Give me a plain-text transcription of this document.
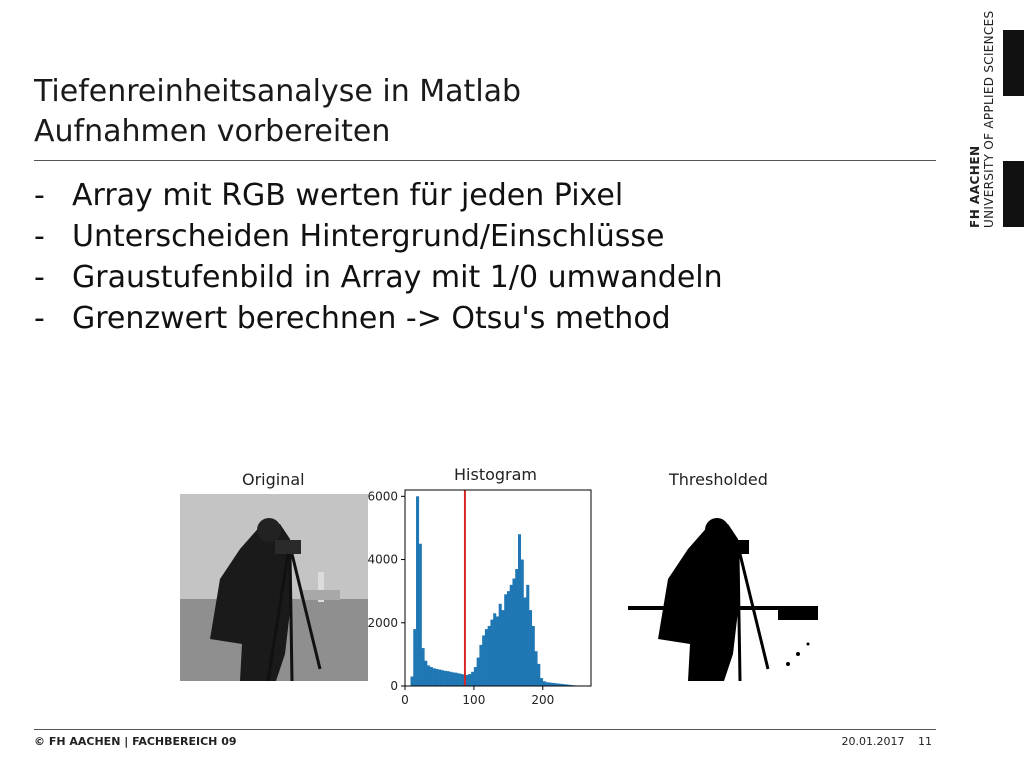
Tiefenreinheitsanalyse in Matlab
Aufnahmen vorbereiten
- Array mit RGB werten für jeden Pixel
- Unterscheiden Hintergrund/Einschlüsse
- Graustufenbild in Array mit 1/0 umwandeln
- Grenzwert berechnen -> Otsu's method
FH AACHEN UNIVERSITY OF APPLIED SCIENCES
Original	Histogram
0
2000
4000
6000
0	100	200
Thresholded
© FH AACHEN | FACHBEREICH 09	20.01.2017 11
